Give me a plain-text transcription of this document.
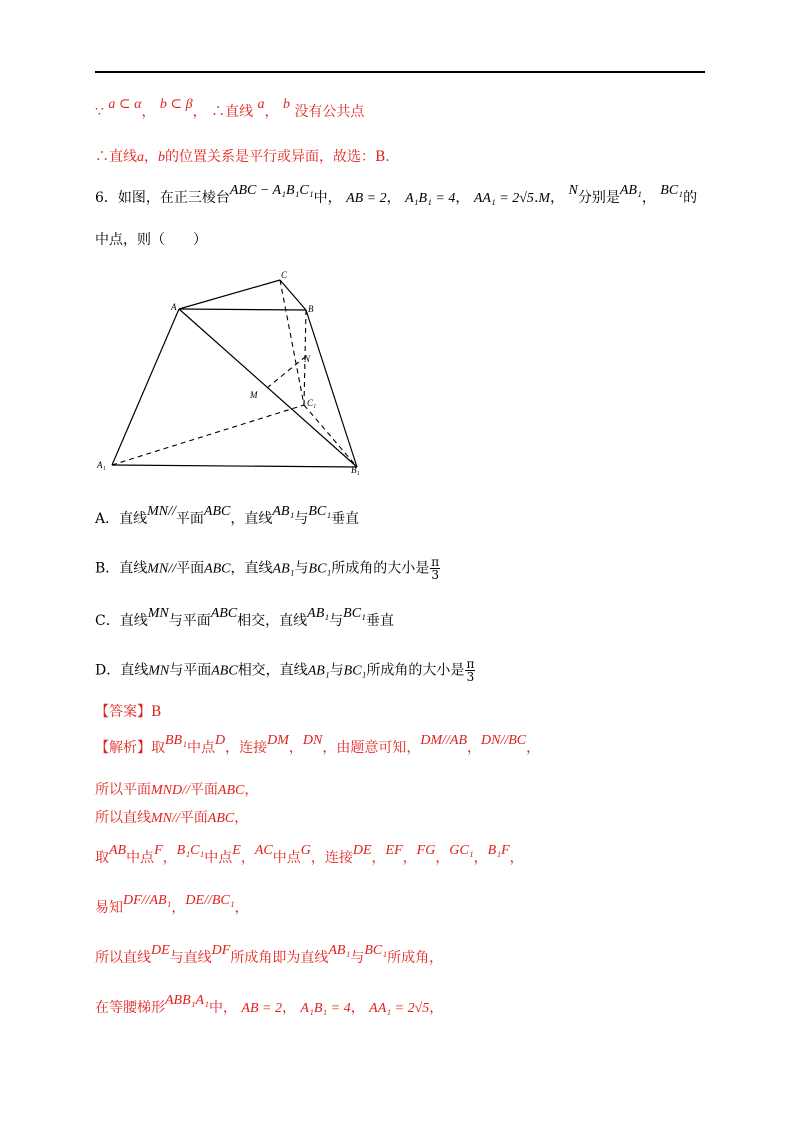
∵ a ⊂ α， b ⊂ β， ∴直线 a， b 没有公共点
∴直线a，b的位置关系是平行或异面，故选：B.
6．如图，在正三棱台ABC − A₁B₁C₁中， AB = 2， A₁B₁ = 4， AA₁ = 2√5.M， N分别是AB₁， BC₁的
中点，则（　　）
A	B
C
N
M
C₁
A₁	B₁
A．直线MN//平面ABC，直线AB₁与BC₁垂直
B．直线MN//平面ABC，直线AB₁与BC₁所成角的大小是 $\frac{\pi}{3}$
C．直线MN与平面ABC相交，直线AB₁与BC₁垂直
D．直线MN与平面ABC相交，直线AB₁与BC₁所成角的大小是 $\frac{\pi}{3}$
【答案】B
【解析】取BB₁中点D，连接DM，DN，由题意可知，DM//AB，DN//BC，
所以平面MND//平面ABC，
所以直线MN//平面ABC，
取AB中点F，B₁C₁中点E，AC中点G，连接DE，EF，FG，GC₁，B₁F，
易知DF//AB₁，DE//BC₁，
所以直线DE与直线DF所成角即为直线AB₁与BC₁所成角，
在等腰梯形ABB₁A₁中， AB = 2， A₁B₁ = 4， AA₁ = 2√5，
